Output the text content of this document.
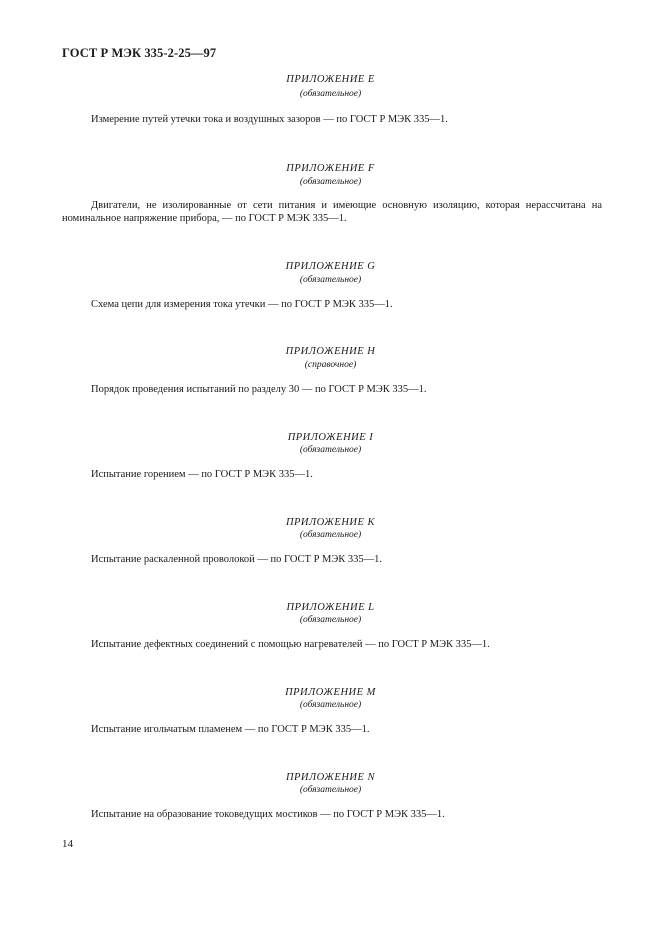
ГОСТ Р МЭК 335-2-25—97
ПРИЛОЖЕНИЕ E
(обязательное)
Измерение путей утечки тока и воздушных зазоров — по ГОСТ Р МЭК 335—1.
ПРИЛОЖЕНИЕ F
(обязательное)
Двигатели, не изолированные от сети питания и имеющие основную изоляцию, которая нерассчитана на номинальное напряжение прибора, — по ГОСТ Р МЭК 335—1.
ПРИЛОЖЕНИЕ G
(обязательное)
Схема цепи для измерения тока утечки — по ГОСТ Р МЭК 335—1.
ПРИЛОЖЕНИЕ H
(справочное)
Порядок проведения испытаний по разделу 30 — по ГОСТ Р МЭК 335—1.
ПРИЛОЖЕНИЕ I
(обязательное)
Испытание горением — по ГОСТ Р МЭК 335—1.
ПРИЛОЖЕНИЕ K
(обязательное)
Испытание раскаленной проволокой — по ГОСТ Р МЭК 335—1.
ПРИЛОЖЕНИЕ L
(обязательное)
Испытание дефектных соединений с помощью нагревателей — по ГОСТ Р МЭК 335—1.
ПРИЛОЖЕНИЕ M
(обязательное)
Испытание игольчатым пламенем — по ГОСТ Р МЭК 335—1.
ПРИЛОЖЕНИЕ N
(обязательное)
Испытание на образование токоведущих мостиков — по ГОСТ Р МЭК 335—1.
14
